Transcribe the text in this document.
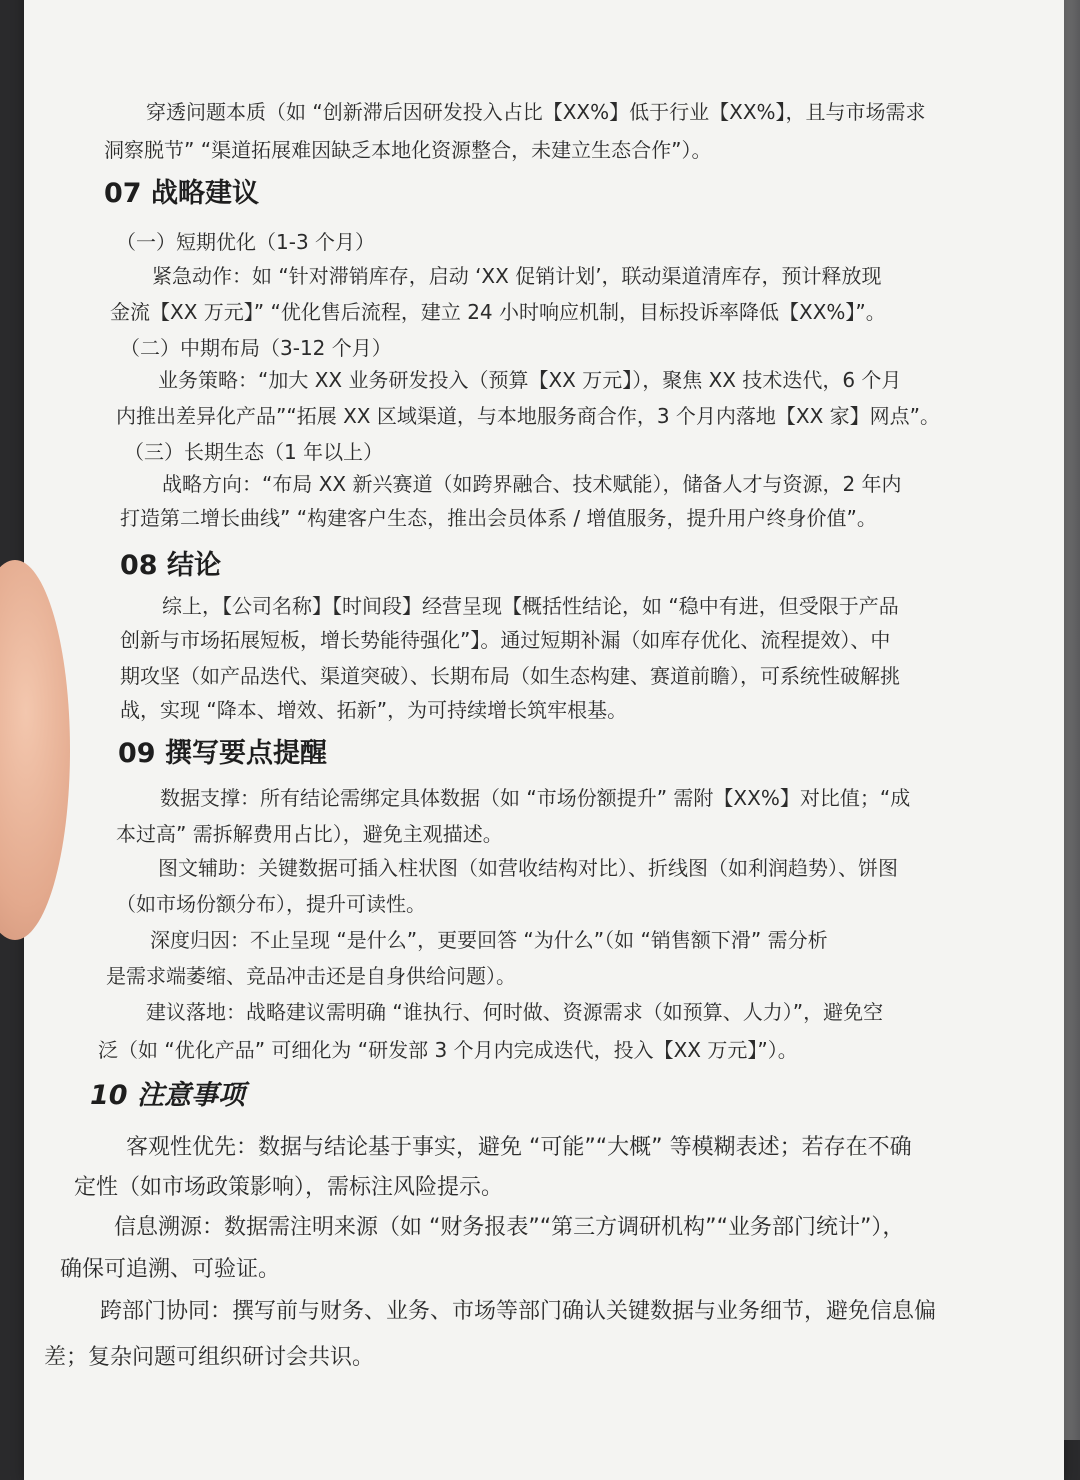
穿透问题本质（如 “创新滞后因研发投入占比【XX%】低于行业【XX%】，且与市场需求
洞察脱节” “渠道拓展难因缺乏本地化资源整合，未建立生态合作”）。
07 战略建议
（一）短期优化（1-3 个月）
紧急动作：如 “针对滞销库存，启动 ‘XX 促销计划’，联动渠道清库存，预计释放现
金流【XX 万元】” “优化售后流程，建立 24 小时响应机制，目标投诉率降低【XX%】”。
（二）中期布局（3-12 个月）
业务策略：“加大 XX 业务研发投入（预算【XX 万元】），聚焦 XX 技术迭代，6 个月
内推出差异化产品”“拓展 XX 区域渠道，与本地服务商合作，3 个月内落地【XX 家】网点”。
（三）长期生态（1 年以上）
战略方向：“布局 XX 新兴赛道（如跨界融合、技术赋能），储备人才与资源，2 年内
打造第二增长曲线” “构建客户生态，推出会员体系 / 增值服务，提升用户终身价值”。
08 结论
综上，【公司名称】【时间段】经营呈现【概括性结论，如 “稳中有进，但受限于产品
创新与市场拓展短板，增长势能待强化”】。通过短期补漏（如库存优化、流程提效）、中
期攻坚（如产品迭代、渠道突破）、长期布局（如生态构建、赛道前瞻），可系统性破解挑
战，实现 “降本、增效、拓新”，为可持续增长筑牢根基。
09 撰写要点提醒
数据支撑：所有结论需绑定具体数据（如 “市场份额提升” 需附【XX%】对比值；“成
本过高” 需拆解费用占比），避免主观描述。
图文辅助：关键数据可插入柱状图（如营收结构对比）、折线图（如利润趋势）、饼图
（如市场份额分布），提升可读性。
深度归因：不止呈现 “是什么”，更要回答 “为什么”（如 “销售额下滑” 需分析
是需求端萎缩、竞品冲击还是自身供给问题）。
建议落地：战略建议需明确 “谁执行、何时做、资源需求（如预算、人力）”，避免空
泛（如 “优化产品” 可细化为 “研发部 3 个月内完成迭代，投入【XX 万元】”）。
10 注意事项
客观性优先：数据与结论基于事实，避免 “可能”“大概” 等模糊表述；若存在不确
定性（如市场政策影响），需标注风险提示。
信息溯源：数据需注明来源（如 “财务报表”“第三方调研机构”“业务部门统计”），
确保可追溯、可验证。
跨部门协同：撰写前与财务、业务、市场等部门确认关键数据与业务细节，避免信息偏
差；复杂问题可组织研讨会共识。
